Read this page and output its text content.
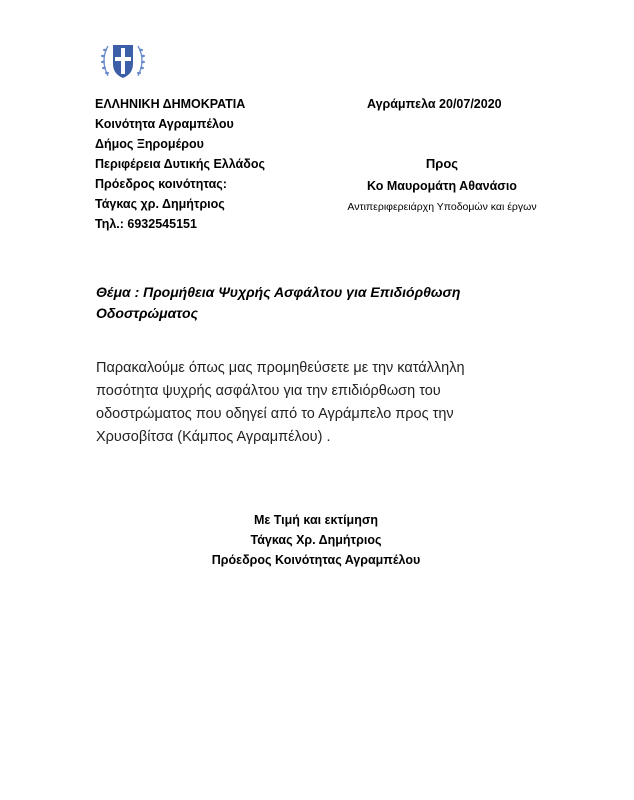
ΕΛΛΗΝΙΚΗ ΔΗΜΟΚΡΑΤΙΑ
Κοινότητα Αγραμπέλου
Δήμος Ξηρομέρου
Περιφέρεια Δυτικής Ελλάδος
Πρόεδρος κοινότητας:
Τάγκας χρ. Δημήτριος
Τηλ.: 6932545151
Αγράμπελα 20/07/2020
Προς
Κο Μαυρομάτη Αθανάσιο
Αντιπεριφερειάρχη Υποδομών και έργων
Θέμα : Προμήθεια Ψυχρής Ασφάλτου για Επιδιόρθωση Οδοστρώματος
Παρακαλούμε όπως μας προμηθεύσετε με την κατάλληλη ποσότητα ψυχρής ασφάλτου για την επιδιόρθωση του οδοστρώματος που οδηγεί από το Αγράμπελο προς την Χρυσοβίτσα (Κάμπος Αγραμπέλου) .
Με Τιμή και εκτίμηση
Τάγκας Χρ. Δημήτριος
Πρόεδρος Κοινότητας Αγραμπέλου
